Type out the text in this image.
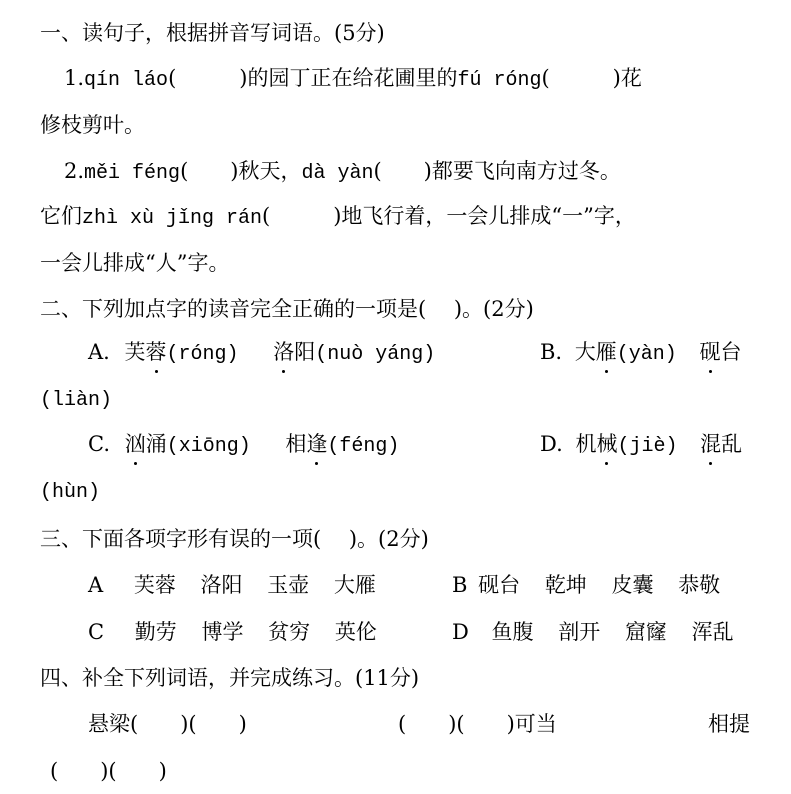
一、读句子，根据拼音写词语。(5分)
1.qín láo(　　　)的园丁正在给花圃里的fú róng(　　　)花
修枝剪叶。
2.měi féng(　　)秋天，dà yàn(　　)都要飞向南方过冬。
它们zhì xù jǐng rán(　　　)地飞行着，一会儿排成“一”字，
一会儿排成“人”字。
二、下列加点字的读音完全正确的一项是(　 )。(2分)
A. 芙蓉(róng) 洛阳(nuò yáng)	B. 大雁(yàn) 砚台
(liàn)
C. 汹涌(xiōng) 相逢(féng)	D. 机械(jiè) 混乱
(hùn)
三、下面各项字形有误的一项(　 )。(2分)
A 芙蓉 洛阳 玉壶 大雁	B 砚台 乾坤 皮囊 恭敬
C 勤劳 博学 贫穷 英伦	D 鱼腹 剖开 窟窿 浑乱
四、补全下列词语，并完成练习。(11分)
悬梁(　　)(　　)	(　　)(　　)可当	相提
(　　)(　　)
